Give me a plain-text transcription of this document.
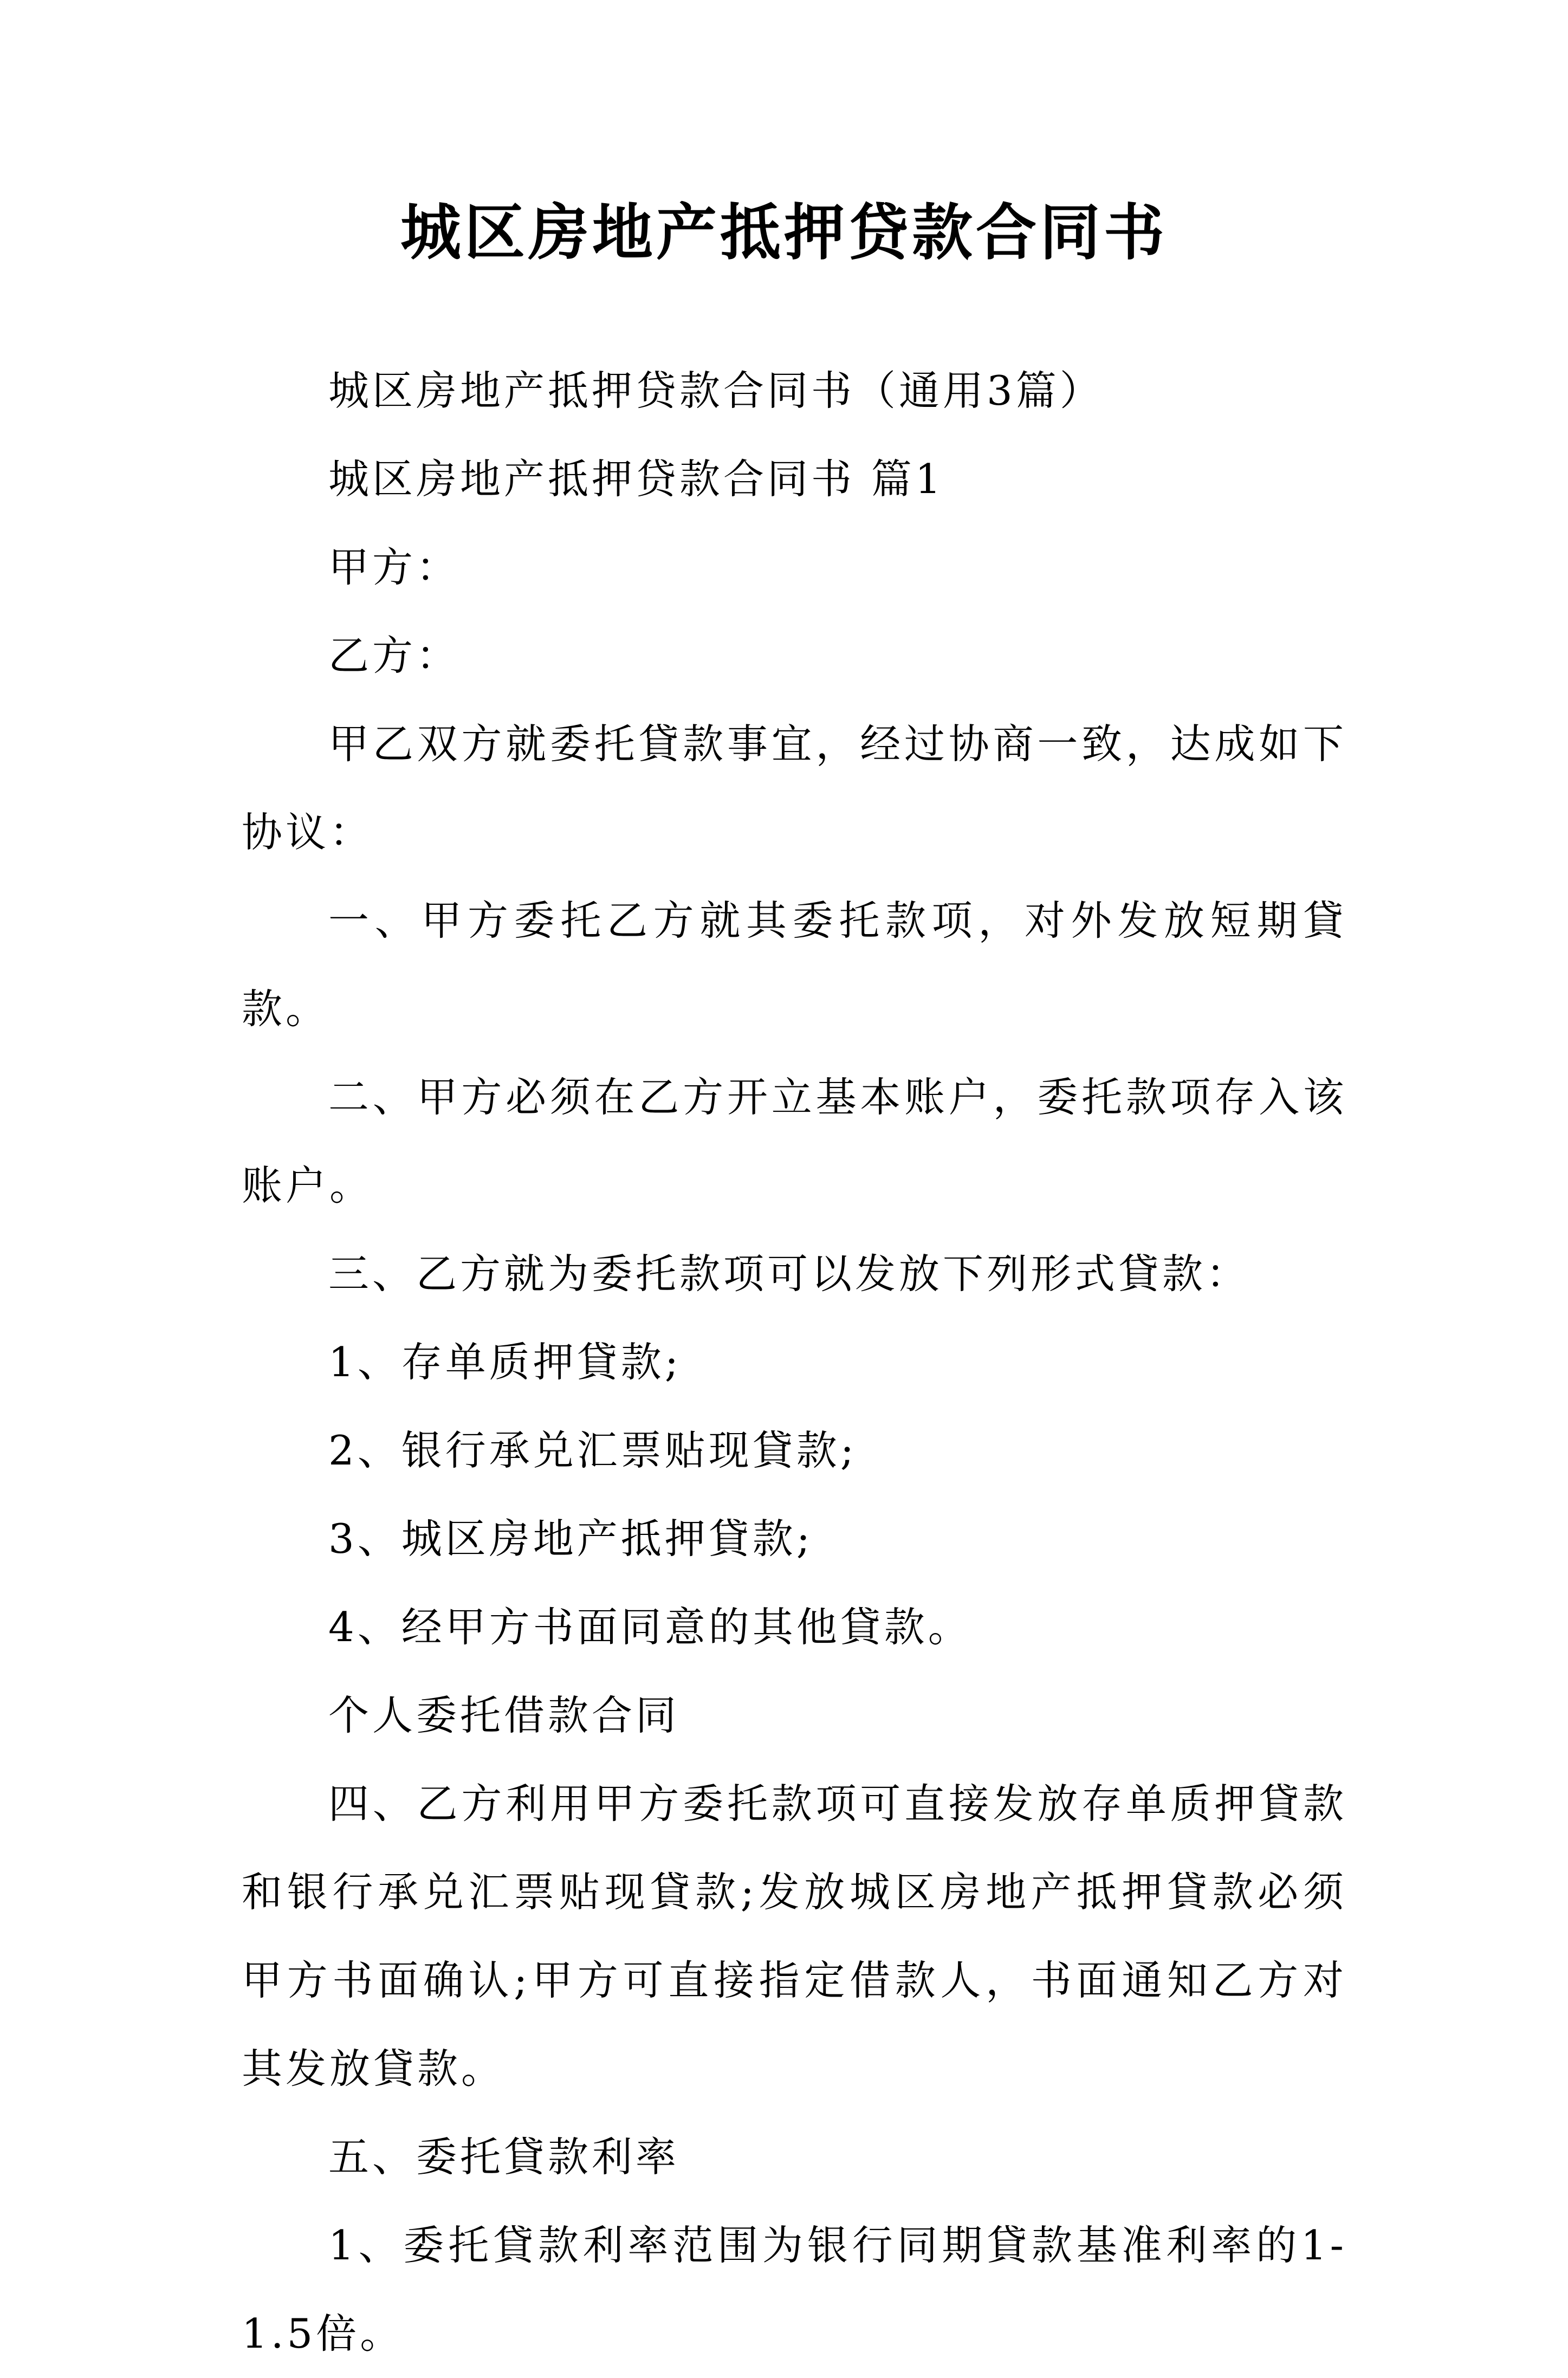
城区房地产抵押贷款合同书

城区房地产抵押贷款合同书（通用3篇）

城区房地产抵押贷款合同书 篇1

甲方：

乙方：

甲乙双方就委托貸款事宜，经过协商一致，达成如下协议：

一、甲方委托乙方就其委托款项，对外发放短期貸款。

二、甲方必须在乙方开立基本账户，委托款项存入该账户。

三、乙方就为委托款项可以发放下列形式貸款：

1、存单质押貸款;

2、银行承兑汇票贴现貸款;

3、城区房地产抵押貸款;

4、经甲方书面同意的其他貸款。

个人委托借款合同

四、乙方利用甲方委托款项可直接发放存单质押貸款和银行承兑汇票贴现貸款;发放城区房地产抵押貸款必须甲方书面确认;甲方可直接指定借款人，书面通知乙方对其发放貸款。

五、委托貸款利率

1、委托貸款利率范围为银行同期貸款基准利率的1-1.5倍。
